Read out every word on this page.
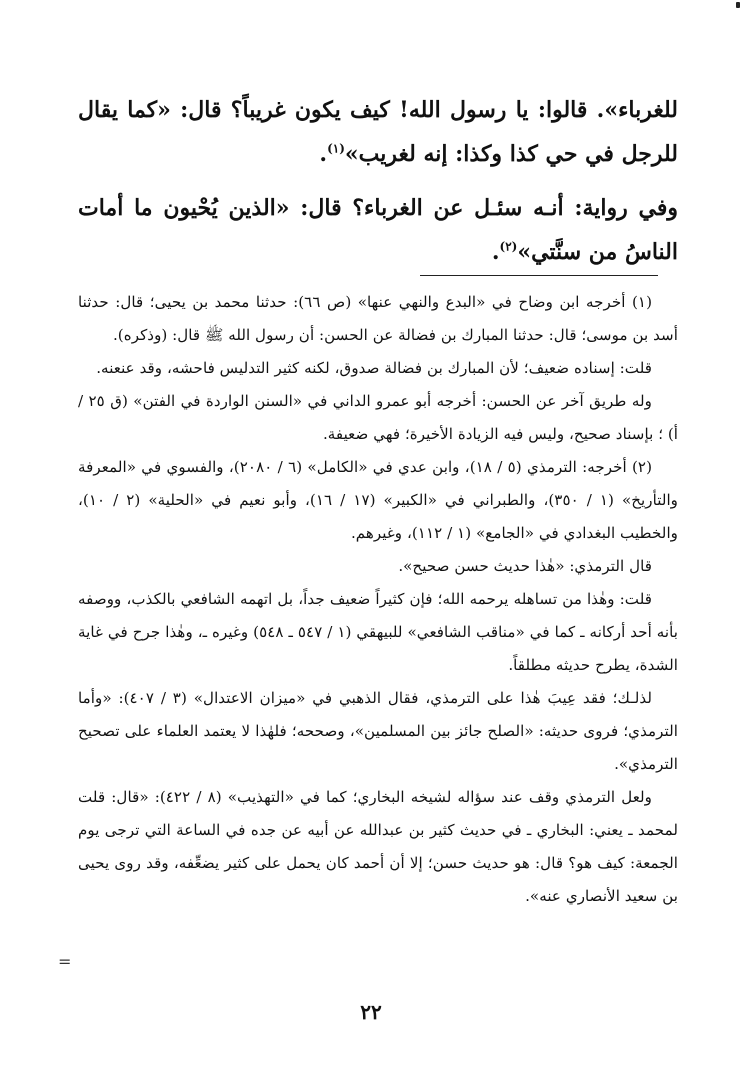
للغرباء». قالوا: يا رسول الله! كيف يكون غريباً؟ قال: «كما يقال للرجل في حي كذا وكذا: إنه لغريب»$^{(١)}$.

وفي رواية: أنـه سئـل عن الغرباء؟ قال: «الذين يُحْيون ما أمات الناسُ من سنَّتي»$^{(٢)}$.

(١) أخرجه ابن وضاح في «البدع والنهي عنها» (ص ٦٦): حدثنا محمد بن يحيى؛ قال: حدثنا أسد بن موسى؛ قال: حدثنا المبارك بن فضالة عن الحسن: أن رسول الله ﷺ قال: (وذكره).

قلت: إسناده ضعيف؛ لأن المبارك بن فضالة صدوق، لكنه كثير التدليس فاحشه، وقد عنعنه.

وله طريق آخر عن الحسن: أخرجه أبو عمرو الداني في «السنن الواردة في الفتن» (ق ٢٥ / أ) ؛ بإسناد صحيح، وليس فيه الزيادة الأخيرة؛ فهي ضعيفة.

(٢) أخرجه: الترمذي (٥ / ١٨)، وابن عدي في «الكامل» (٦ / ٢٠٨٠)، والفسوي في «المعرفة والتأريخ» (١ / ٣٥٠)، والطبراني في «الكبير» (١٧ / ١٦)، وأبو نعيم في «الحلية» (٢ / ١٠)، والخطيب البغدادي في «الجامع» (١ / ١١٢)، وغيرهم.

قال الترمذي: «هٰذا حديث حسن صحيح».

قلت: وهٰذا من تساهله يرحمه الله؛ فإن كثيراً ضعيف جداً، بل اتهمه الشافعي بالكذب، ووصفه بأنه أحد أركانه ـ كما في «مناقب الشافعي» للبيهقي (١ / ٥٤٧ ـ ٥٤٨) وغيره ـ، وهٰذا جرح في غاية الشدة، يطرح حديثه مطلقاً.

لذلـك؛ فقد عِيبَ هٰذا على الترمذي، فقال الذهبي في «ميزان الاعتدال» (٣ / ٤٠٧): «وأما الترمذي؛ فروى حديثه: «الصلح جائز بين المسلمين»، وصححه؛ فلهٰذا لا يعتمد العلماء على تصحيح الترمذي».

ولعل الترمذي وقف عند سؤاله لشيخه البخاري؛ كما في «التهذيب» (٨ / ٤٢٢): «قال: قلت لمحمد ـ يعني: البخاري ـ في حديث كثير بن عبدالله عن أبيه عن جده في الساعة التي ترجى يوم الجمعة: كيف هو؟ قال: هو حديث حسن؛ إلا أن أحمد كان يحمل على كثير يضعِّفه، وقد روى يحيى بن سعيد الأنصاري عنه».

=
٢٢
